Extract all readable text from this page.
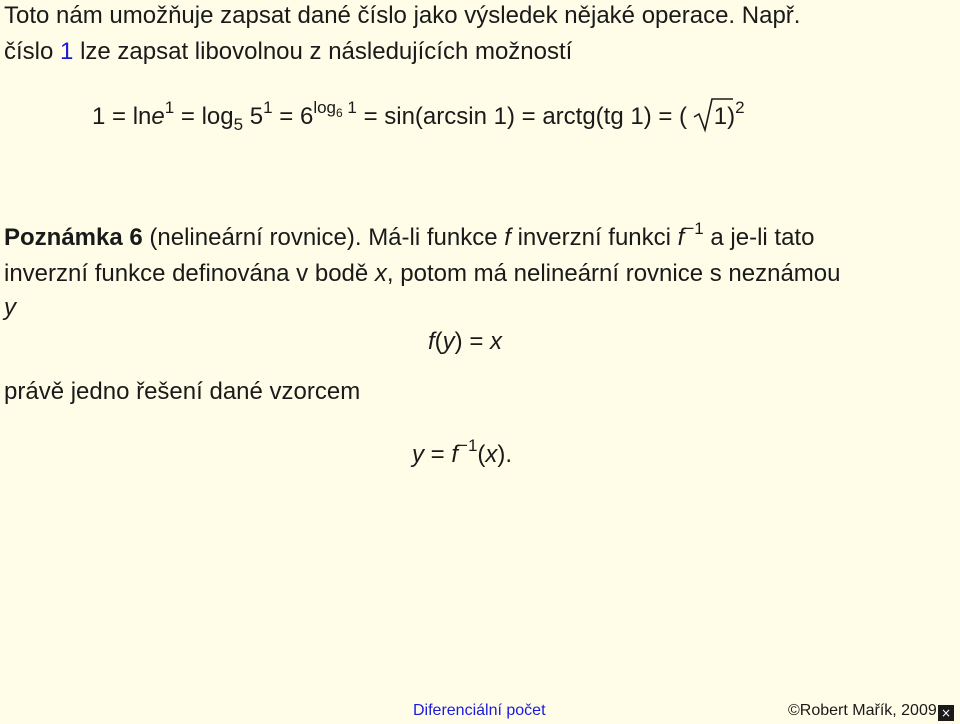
Toto nám umožňuje zapsat dané číslo jako výsledek nějaké operace. Např.
číslo 1 lze zapsat libovolnou z následujících možností
$1 = \ln e^1 = \log_5 5^1 = 6^{log_6 1} = \sin(\arcsin$ 1) = arctg(tg 1) = ( 1)$^2$
Poznámka 6 (nelineární rovnice). Má-li funkce f inverzní funkci $f^{-1}$ a je-li tato
inverzní funkce definována v bodě x, potom má nelineární rovnice s neznámou
y
f(y) = x
právě jedno řešení dané vzorcem
$y = f^{-1}(x)$.
Diferenciální počet	©Robert Mařík, 2009 ×
